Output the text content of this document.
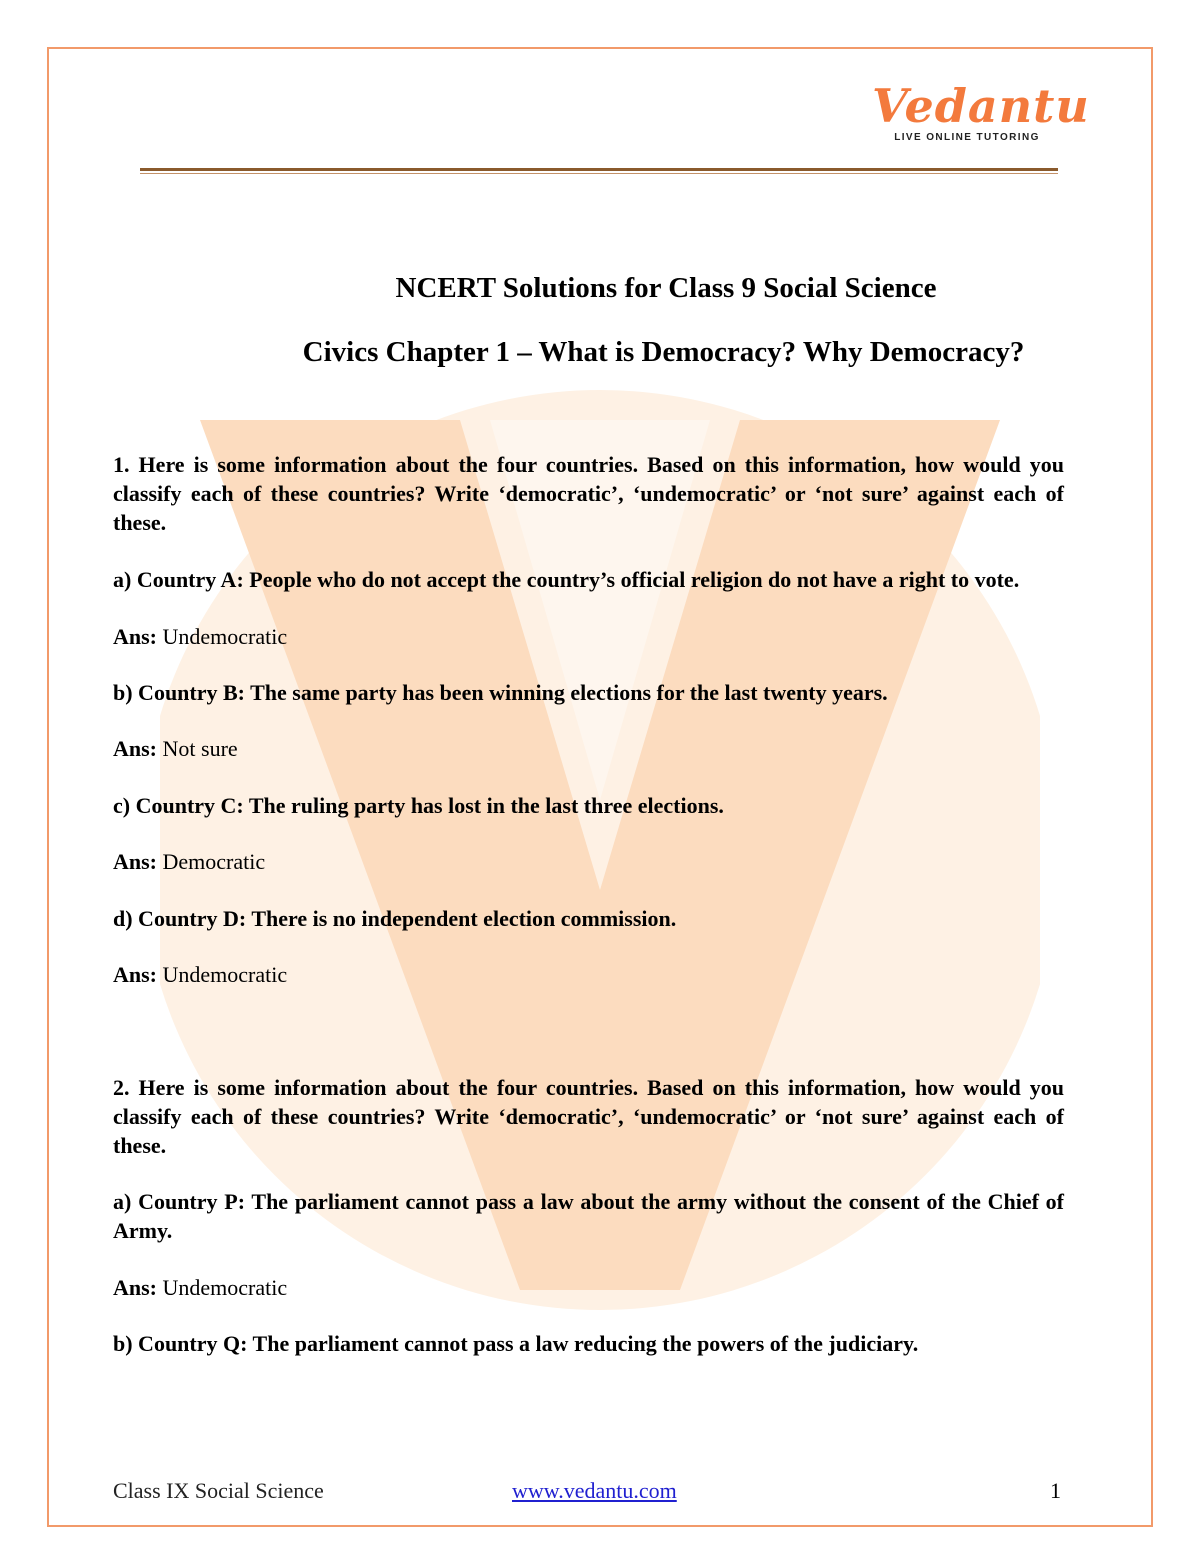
Vedantu
LIVE ONLINE TUTORING
NCERT Solutions for Class 9 Social Science
Civics Chapter 1 – What is Democracy? Why Democracy?

1. Here is some information about the four countries. Based on this information, how would you classify each of these countries? Write ‘democratic’, ‘undemocratic’ or ‘not sure’ against each of these.

a) Country A: People who do not accept the country’s official religion do not have a right to vote.

Ans: Undemocratic

b) Country B: The same party has been winning elections for the last twenty years.

Ans: Not sure

c) Country C: The ruling party has lost in the last three elections.

Ans: Democratic

d) Country D: There is no independent election commission.

Ans: Undemocratic

2. Here is some information about the four countries. Based on this information, how would you classify each of these countries? Write ‘democratic’, ‘undemocratic’ or ‘not sure’ against each of these.

a) Country P: The parliament cannot pass a law about the army without the consent of the Chief of Army.

Ans: Undemocratic

b) Country Q: The parliament cannot pass a law reducing the powers of the judiciary.

Class IX Social Science	www.vedantu.com	1
